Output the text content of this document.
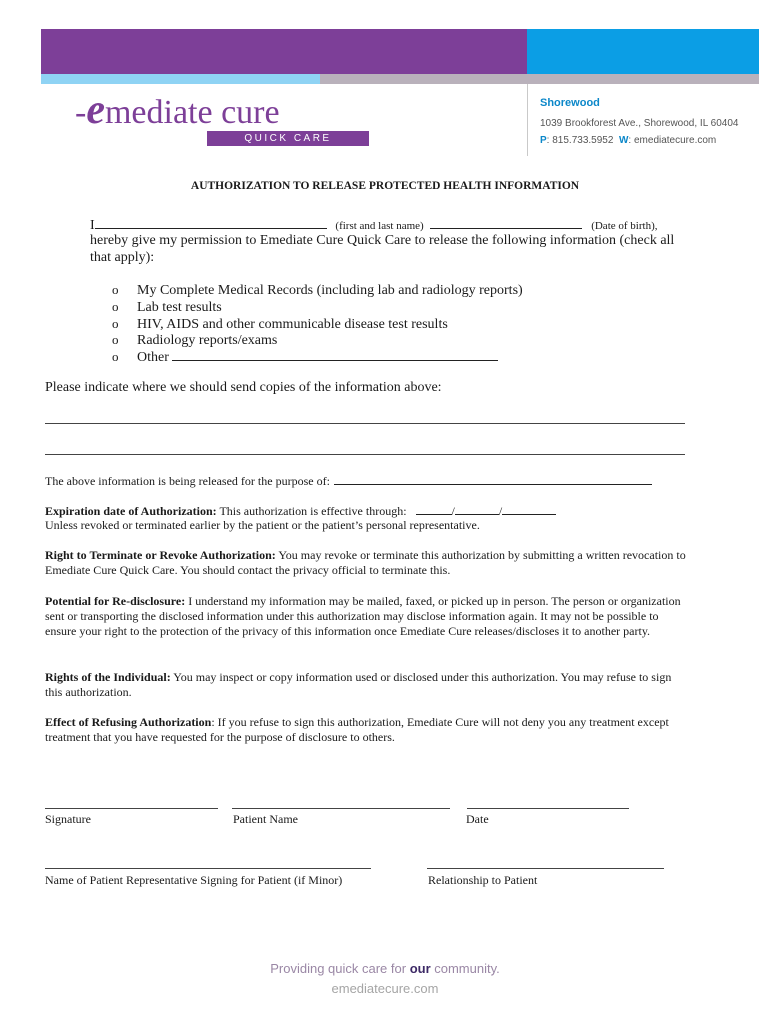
-emediate cure
QUICK CARE
Shorewood
1039 Brookforest Ave., Shorewood, IL 60404
P: 815.733.5952 W: emediatecure.com
AUTHORIZATION TO RELEASE PROTECTED HEALTH INFORMATION
I	(first and last name)	(Date of birth),
hereby give my permission to Emediate Cure Quick Care to release the following information (check all that apply):
o My Complete Medical Records (including lab and radiology reports)
o Lab test results
o HIV, AIDS and other communicable disease test results
o Radiology reports/exams
o Other
Please indicate where we should send copies of the information above:
The above information is being released for the purpose of:
Expiration date of Authorization: This authorization is effective through:	/	/
Unless revoked or terminated earlier by the patient or the patient’s personal representative.
Right to Terminate or Revoke Authorization: You may revoke or terminate this authorization by submitting a written revocation to Emediate Cure Quick Care. You should contact the privacy official to terminate this.
Potential for Re-disclosure: I understand my information may be mailed, faxed, or picked up in person. The person or organization sent or transporting the disclosed information under this authorization may disclose information again. It may not be possible to ensure your right to the protection of the privacy of this information once Emediate Cure releases/discloses it to another party.
Rights of the Individual: You may inspect or copy information used or disclosed under this authorization. You may refuse to sign this authorization.
Effect of Refusing Authorization: If you refuse to sign this authorization, Emediate Cure will not deny you any treatment except treatment that you have requested for the purpose of disclosure to others.
Signature	Patient Name	Date
Name of Patient Representative Signing for Patient (if Minor)	Relationship to Patient
Providing quick care for our community.
emediatecure.com
